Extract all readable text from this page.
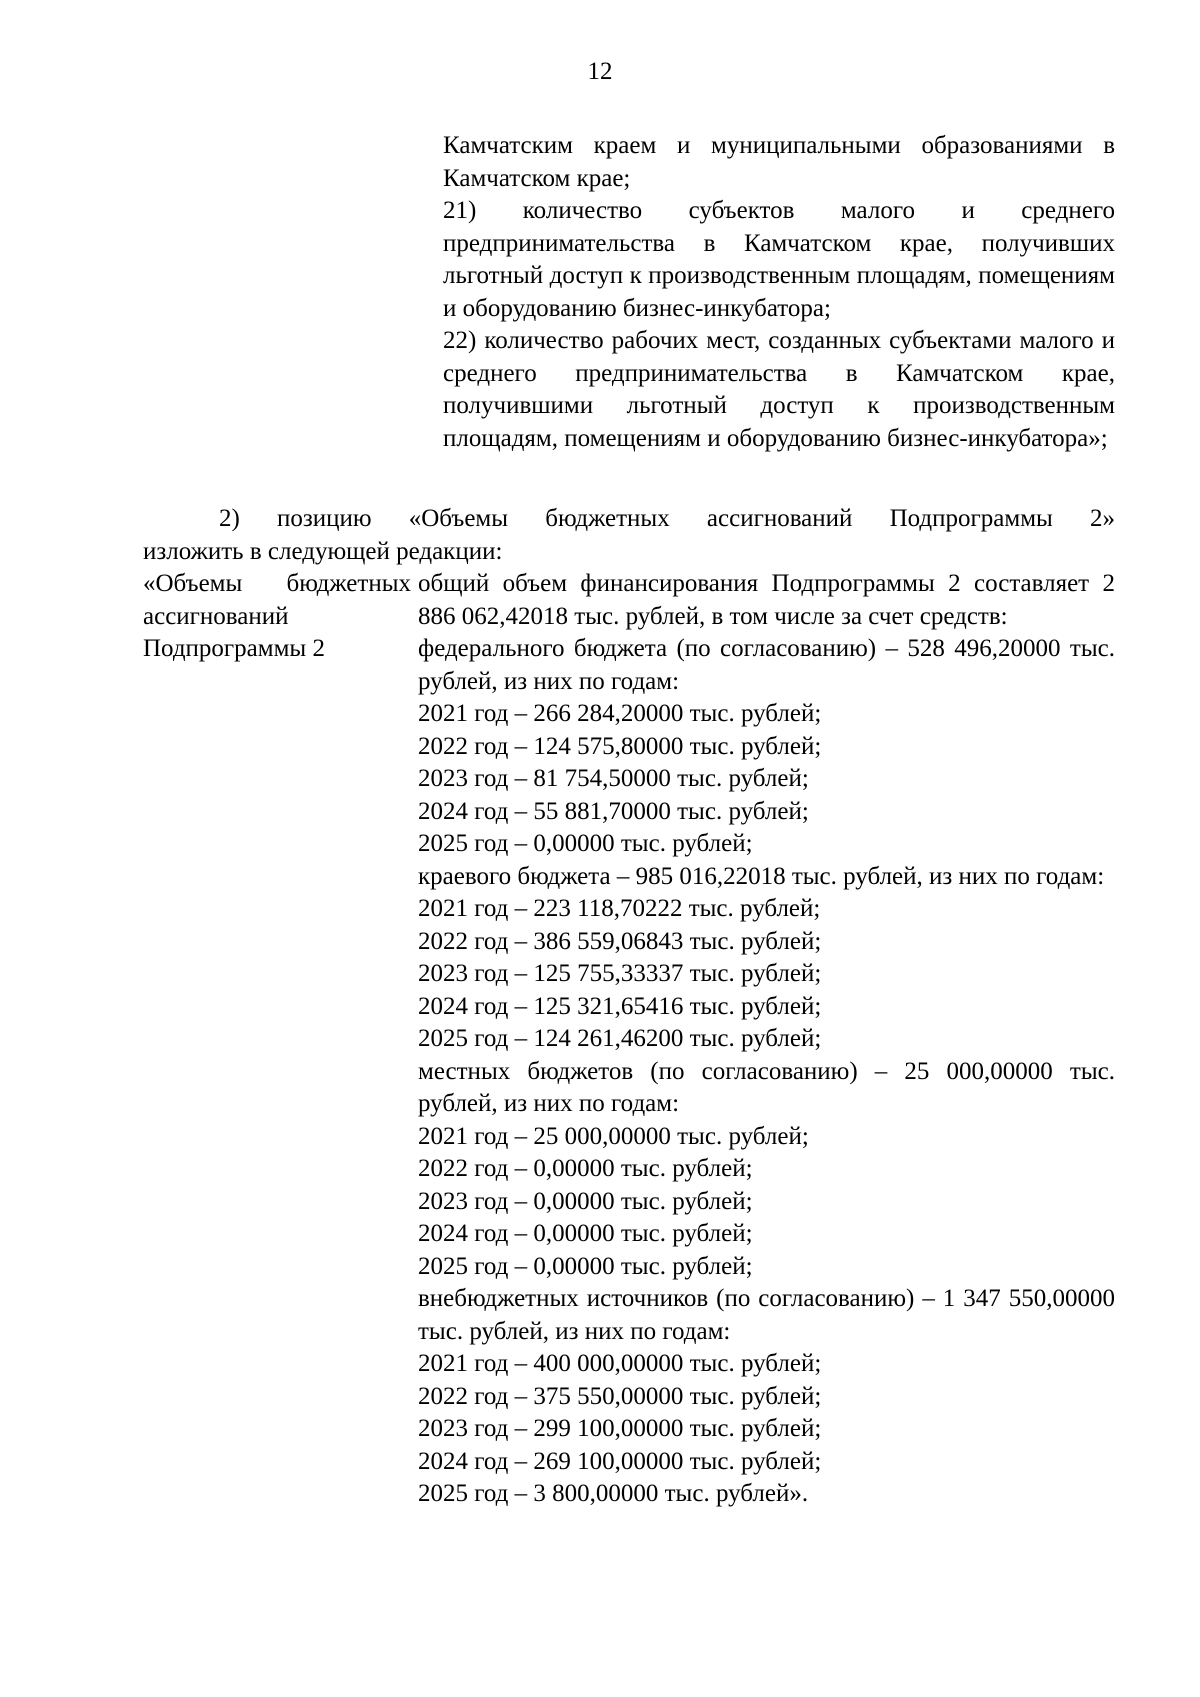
12

Камчатским краем и муниципальными образованиями в Камчатском крае;

21) количество субъектов малого и среднего предпринимательства в Камчатском крае, получивших льготный доступ к производственным площадям, помещениям и оборудованию бизнес-инкубатора;

22) количество рабочих мест, созданных субъектами малого и среднего предпринимательства в Камчатском крае, получившими льготный доступ к производственным площадям, помещениям и оборудованию бизнес-инкубатора»;

2) позицию «Объемы бюджетных ассигнований Подпрограммы 2»
изложить в следующей редакции:
«Объемы бюджетных
ассигнований
Подпрограммы 2

общий объем финансирования Подпрограммы 2 составляет 2 886 062,42018 тыс. рублей, в том числе за счет средств:

федерального бюджета (по согласованию) – 528 496,20000 тыс. рублей, из них по годам:

2021 год – 266 284,20000 тыс. рублей;

2022 год – 124 575,80000 тыс. рублей;

2023 год – 81 754,50000 тыс. рублей;

2024 год – 55 881,70000 тыс. рублей;

2025 год – 0,00000 тыс. рублей;

краевого бюджета – 985 016,22018 тыс. рублей, из них по годам:

2021 год – 223 118,70222 тыс. рублей;

2022 год – 386 559,06843 тыс. рублей;

2023 год – 125 755,33337 тыс. рублей;

2024 год – 125 321,65416 тыс. рублей;

2025 год – 124 261,46200 тыс. рублей;

местных бюджетов (по согласованию) – 25 000,00000 тыс. рублей, из них по годам:

2021 год – 25 000,00000 тыс. рублей;

2022 год – 0,00000 тыс. рублей;

2023 год – 0,00000 тыс. рублей;

2024 год – 0,00000 тыс. рублей;

2025 год – 0,00000 тыс. рублей;

внебюджетных источников (по согласованию) – 1 347 550,00000 тыс. рублей, из них по годам:

2021 год – 400 000,00000 тыс. рублей;

2022 год – 375 550,00000 тыс. рублей;

2023 год – 299 100,00000 тыс. рублей;

2024 год – 269 100,00000 тыс. рублей;

2025 год – 3 800,00000 тыс. рублей».
